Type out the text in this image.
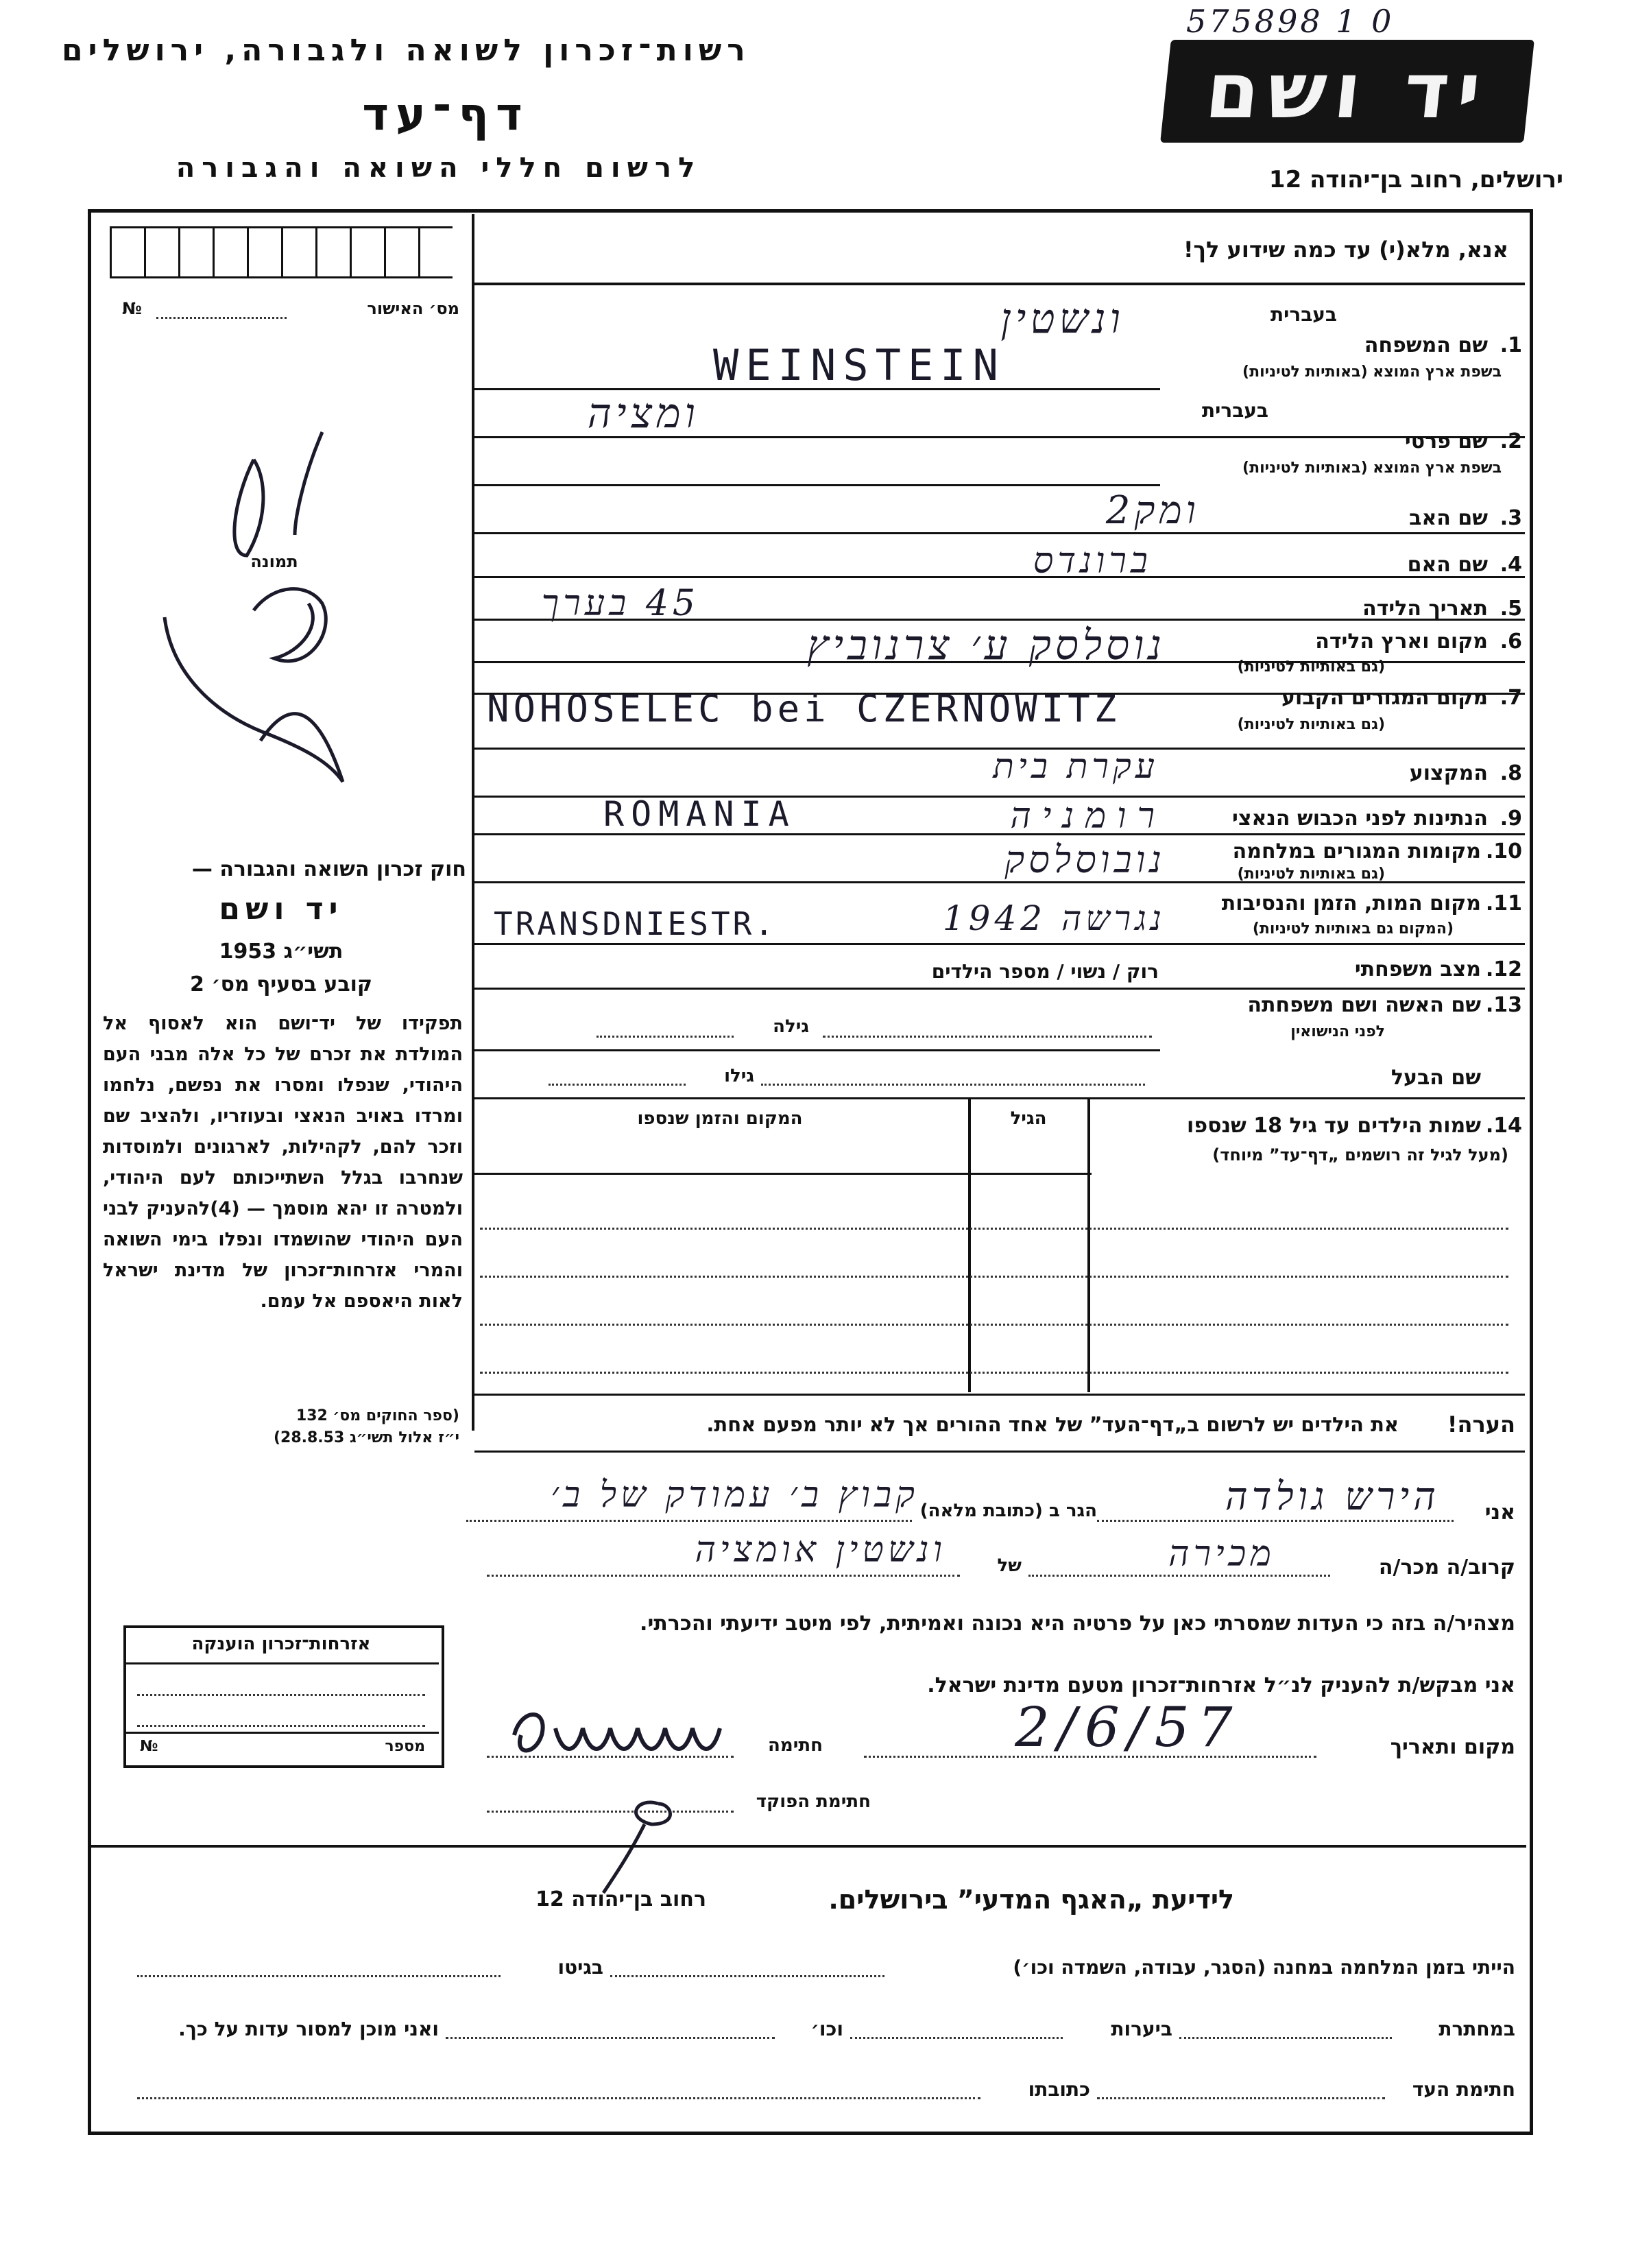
רשות־זכרון לשואה ולגבורה, ירושלים
דף־עד
לרשום חללי השואה והגבורה
575898 1 0
יד ושם
ירושלים, רחוב בן־יהודה 12
מס׳ האישור
№
אנא, מלא(י) עד כמה שידוע לך!
תמונה
בעברית
בעברית
1.
שם המשפחה
בשפת ארץ המוצא (באותיות לטיניות)
ונשטין
WEINSTEIN
2.
שם פרטי
בשפת ארץ המוצא (באותיות לטיניות)
ומציה
3.
שם האב
ומק2
4.
שם האם
ברונדס
5.
תאריך הלידה
45 בערך
6.
מקום וארץ הלידה
(גם באותיות לטיניות)
נוסלסק ע׳ צרנוביץ
7.
מקום המגורים הקבוע
(גם באותיות לטיניות)
NOHOSELEC bei CZERNOWITZ
8.
המקצוע
עקרת בית
9.
הנתינות לפני הכבוש הנאצי
ROMANIA	רומניה
10.
מקומות המגורים במלחמה
(גם באותיות לטיניות)
נובוסלסק
11.
מקום המות, הזמן והנסיבות
(המקום גם באותיות לטיניות)
TRANSDNIESTR.	נגרשה 1942
12.
מצב משפחתי
רוק / נשוי / מספר הילדים
13.
שם האשה ושם משפחתה
לפני הנישואין
גילה
שם הבעל
גילו
14.
שמות הילדים עד גיל 18 שנספו
(מעל לגיל זה רושמים „דף־עד” מיוחד)
הגיל
המקום והזמן שנספו
הערה!
את הילדים יש לרשום ב„דף־העד” של אחד ההורים אך לא יותר מפעם אחת.
חוק זכרון השואה והגבורה —
יד ושם
תשי״ג 1953
קובע בסעיף מס׳ 2
תפקידו של יד־ושם הוא לאסוף אל המולדת את זכרם של כל אלה מבני העם היהודי, שנפלו ומסרו את נפשם, נלחמו ומרדו באויב הנאצי ובעוזריו, ולהציב שם וזכר להם, לקהילות, לארגונים ולמוסדות שנחרבו בגלל השתייכותם לעם היהודי, ולמטרה זו יהא מוסמך — (4)להעניק לבני העם היהודי שהושמדו ונפלו בימי השואה והמרי אזרחות־זכרון של מדינת ישראל לאות היאספם אל עמם.
(ספר החוקים מס׳ 132
י״ז אלול תשי״ג 28.8.53)
אני
הירש גולדה
הגר ב (כתובת מלאה)
קבוץ ב׳ עמודק של ב׳
קרוב/ה מכר/ה
מכירה
של
ונשטין אומציה
מצהיר/ה בזה כי העדות שמסרתי כאן על פרטיה היא נכונה ואמיתית, לפי מיטב ידיעתי והכרתי.
אני מבקש/ת להעניק לנ״ל אזרחות־זכרון מטעם מדינת ישראל.
מקום ותאריך
2/6/57
חתימה
חתימת הפוקד
אזרחות־זכרון הוענקה
מספר
№
לידיעת „האגף המדעי” בירושלים.
רחוב בן־יהודה 12
הייתי בזמן המלחמה במחנה (הסגר, עבודה, השמדה וכו׳)
בגיטו
במחתרת
ביערות
וכו׳
ואני מוכן למסור עדות על כך.
חתימת העד
כתובתו
